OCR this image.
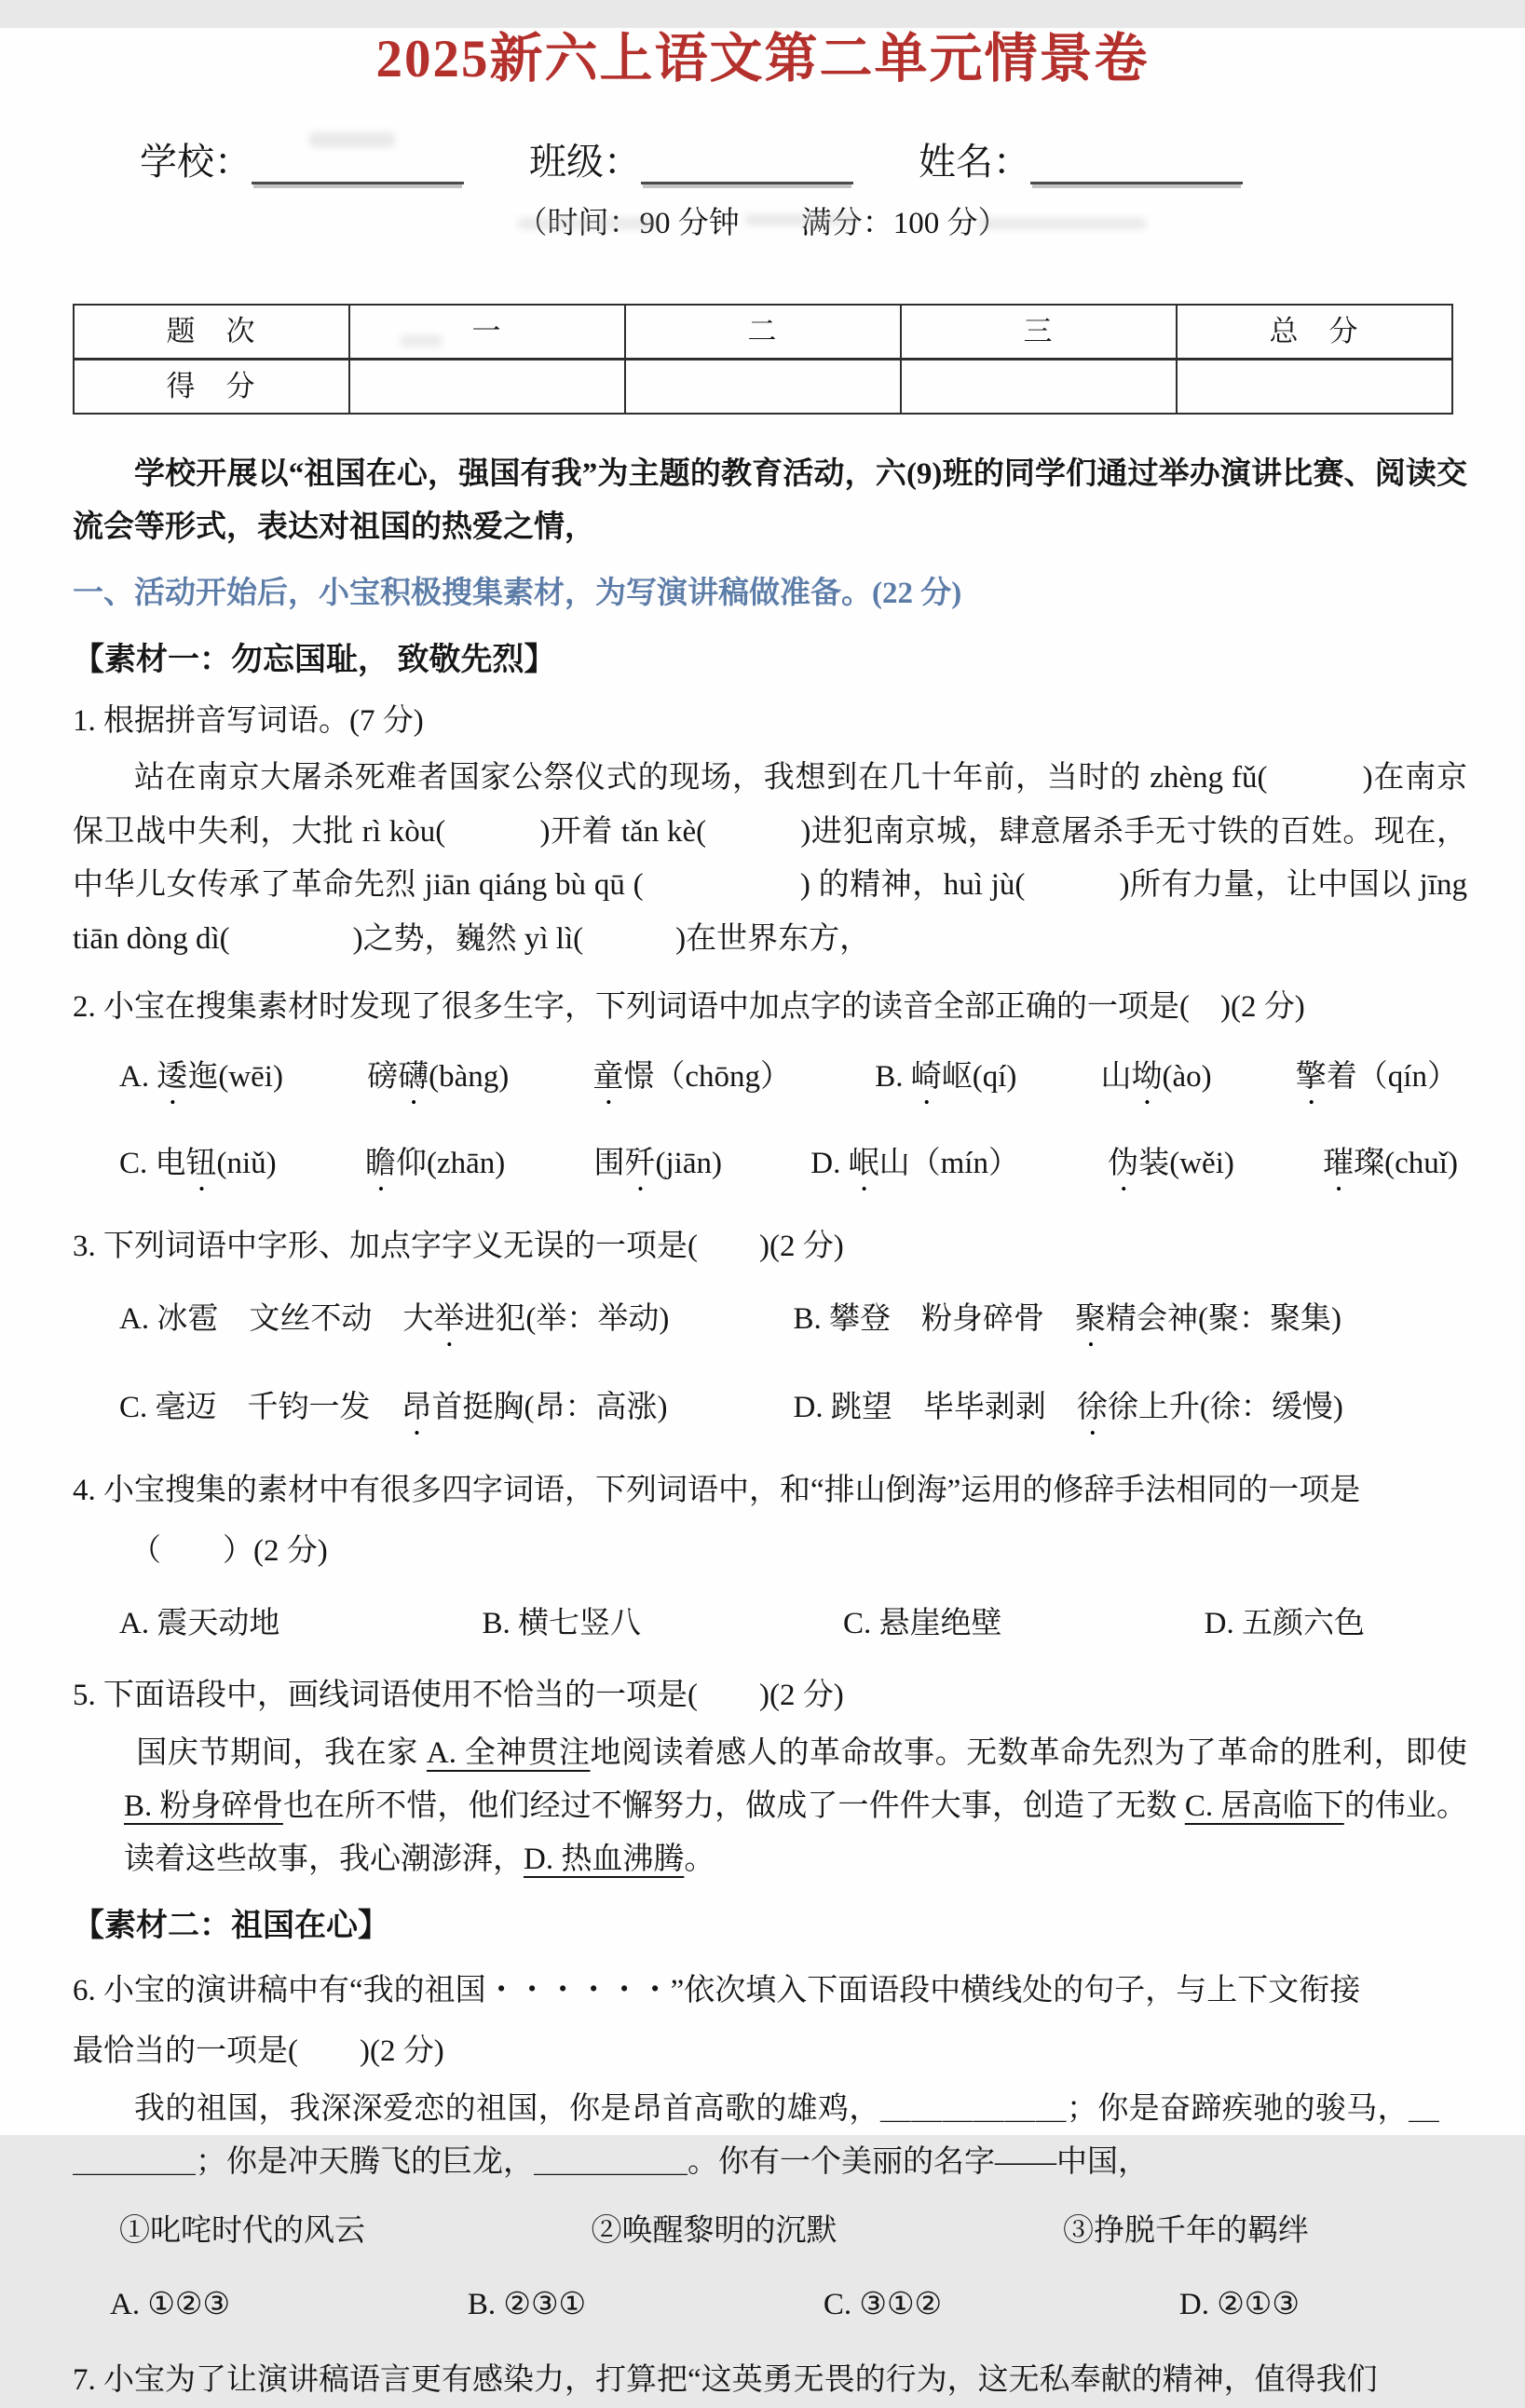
2025新六上语文第二单元情景卷
学校：	班级：	姓名：
（时间：90 分钟　　满分：100 分）
题　次	一	二	三	总　分
得　分				

学校开展以“祖国在心，强国有我”为主题的教育活动，六(9)班的同学们通过举办演讲比赛、阅读交流会等形式，表达对祖国的热爱之情，

一、活动开始后，小宝积极搜集素材，为写演讲稿做准备。(22 分)
【素材一：勿忘国耻， 致敬先烈】
1. 根据拼音写词语。(7 分)

站在南京大屠杀死难者国家公祭仪式的现场，我想到在几十年前，当时的 zhèng fǔ(　　　)在南京保卫战中失利，大批 rì kòu(　　　)开着 tǎn kè(　　　)进犯南京城，肆意屠杀手无寸铁的百姓。现在，中华儿女传承了革命先烈 jiān qiáng bù qū (　　　　　) 的精神，huì jù(　　　)所有力量，让中国以 jīng tiān dòng dì(　　　　)之势，巍然 yì lì(　　　)在世界东方，

2. 小宝在搜集素材时发现了很多生字，下列词语中加点字的读音全部正确的一项是(　)(2 分)
A. 逶迤(wēi)	磅礴(bàng)	童憬（chōng）	B. 崎岖(qí)	山坳(ào)	擎着（qín）
C. 电钮(niǔ)	瞻仰(zhān)	围歼(jiān)	D. 岷山（mín）	伪装(wěi)	璀璨(chuǐ)
3. 下列词语中字形、加点字字义无误的一项是(　　)(2 分)
A. 冰雹　文丝不动　大举进犯(举：举动)	B. 攀登　粉身碎骨　聚精会神(聚：聚集)
C. 毫迈　千钧一发　昂首挺胸(昂：高涨)	D. 跳望　毕毕剥剥　徐徐上升(徐：缓慢)
4. 小宝搜集的素材中有很多四字词语，下列词语中，和“排山倒海”运用的修辞手法相同的一项是
（　　）(2 分)
A. 震天动地	B. 横七竖八	C. 悬崖绝壁	D. 五颜六色
5. 下面语段中，画线词语使用不恰当的一项是(　　)(2 分)

国庆节期间，我在家 A. 全神贯注地阅读着感人的革命故事。无数革命先烈为了革命的胜利，即使 B. 粉身碎骨也在所不惜，他们经过不懈努力，做成了一件件大事，创造了无数 C. 居高临下的伟业。读着这些故事，我心潮澎湃，D. 热血沸腾。

【素材二：祖国在心】
6. 小宝的演讲稿中有“我的祖国・・・・・・”依次填入下面语段中横线处的句子，与上下文衔接
最恰当的一项是(　　)(2 分)

我的祖国，我深深爱恋的祖国，你是昂首高歌的雄鸡，＿＿＿＿＿＿；你是奋蹄疾驰的骏马，＿＿＿＿＿；你是冲天腾飞的巨龙，＿＿＿＿＿。你有一个美丽的名字——中国，

①叱咤时代的风云	②唤醒黎明的沉默	③挣脱千年的羁绊
A. ①②③	B. ②③①	C. ③①②	D. ②①③
7. 小宝为了让演讲稿语言更有感染力，打算把“这英勇无畏的行为，这无私奉献的精神，值得我们
